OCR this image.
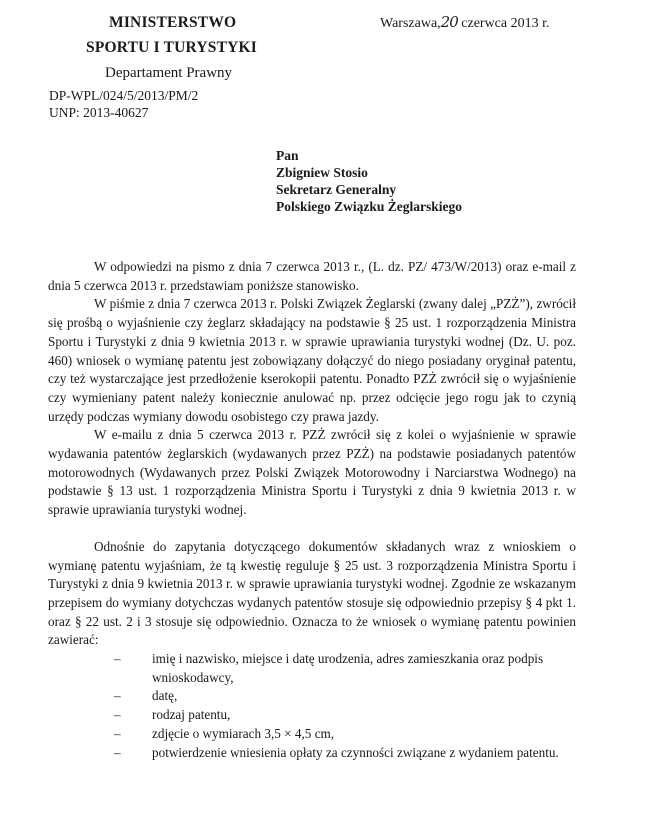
MINISTERSTWO
SPORTU I TURYSTYKI
Departament Prawny
DP-WPL/024/5/2013/PM/2
UNP: 2013-40627
Warszawa,20 czerwca 2013 r.
Pan
Zbigniew Stosio
Sekretarz Generalny
Polskiego Związku Żeglarskiego

W odpowiedzi na pismo z dnia 7 czerwca 2013 r., (L. dz. PZ/ 473/W/2013) oraz e-mail z dnia 5 czerwca 2013 r. przedstawiam poniższe stanowisko.

W piśmie z dnia 7 czerwca 2013 r. Polski Związek Żeglarski (zwany dalej „PZŻ”), zwrócił się prośbą o wyjaśnienie czy żeglarz składający na podstawie § 25 ust. 1 rozporządzenia Ministra Sportu i Turystyki z dnia 9 kwietnia 2013 r. w sprawie uprawiania turystyki wodnej (Dz. U. poz. 460) wniosek o wymianę patentu jest zobowiązany dołączyć do niego posiadany oryginał patentu, czy też wystarczające jest przedłożenie kserokopii patentu. Ponadto PZŻ zwrócił się o wyjaśnienie czy wymieniany patent należy koniecznie anulować np. przez odcięcie jego rogu jak to czynią urzędy podczas wymiany dowodu osobistego czy prawa jazdy.

W e-mailu z dnia 5 czerwca 2013 r. PZŻ zwrócił się z kolei o wyjaśnienie w sprawie wydawania patentów żeglarskich (wydawanych przez PZŻ) na podstawie posiadanych patentów motorowodnych (Wydawanych przez Polski Związek Motorowodny i Narciarstwa Wodnego) na podstawie § 13 ust. 1 rozporządzenia Ministra Sportu i Turystyki z dnia 9 kwietnia 2013 r. w sprawie uprawiania turystyki wodnej.

Odnośnie do zapytania dotyczącego dokumentów składanych wraz z wnioskiem o wymianę patentu wyjaśniam, że tą kwestię reguluje § 25 ust. 3 rozporządzenia Ministra Sportu i Turystyki z dnia 9 kwietnia 2013 r. w sprawie uprawiania turystyki wodnej. Zgodnie ze wskazanym przepisem do wymiany dotychczas wydanych patentów stosuje się odpowiednio przepisy § 4 pkt 1. oraz § 22 ust. 2 i 3 stosuje się odpowiednio. Oznacza to że wniosek o wymianę patentu powinien zawierać:

– imię i nazwisko, miejsce i datę urodzenia, adres zamieszkania oraz podpis wnioskodawcy,
– datę,
– rodzaj patentu,
– zdjęcie o wymiarach 3,5 × 4,5 cm,
– potwierdzenie wniesienia opłaty za czynności związane z wydaniem patentu.
